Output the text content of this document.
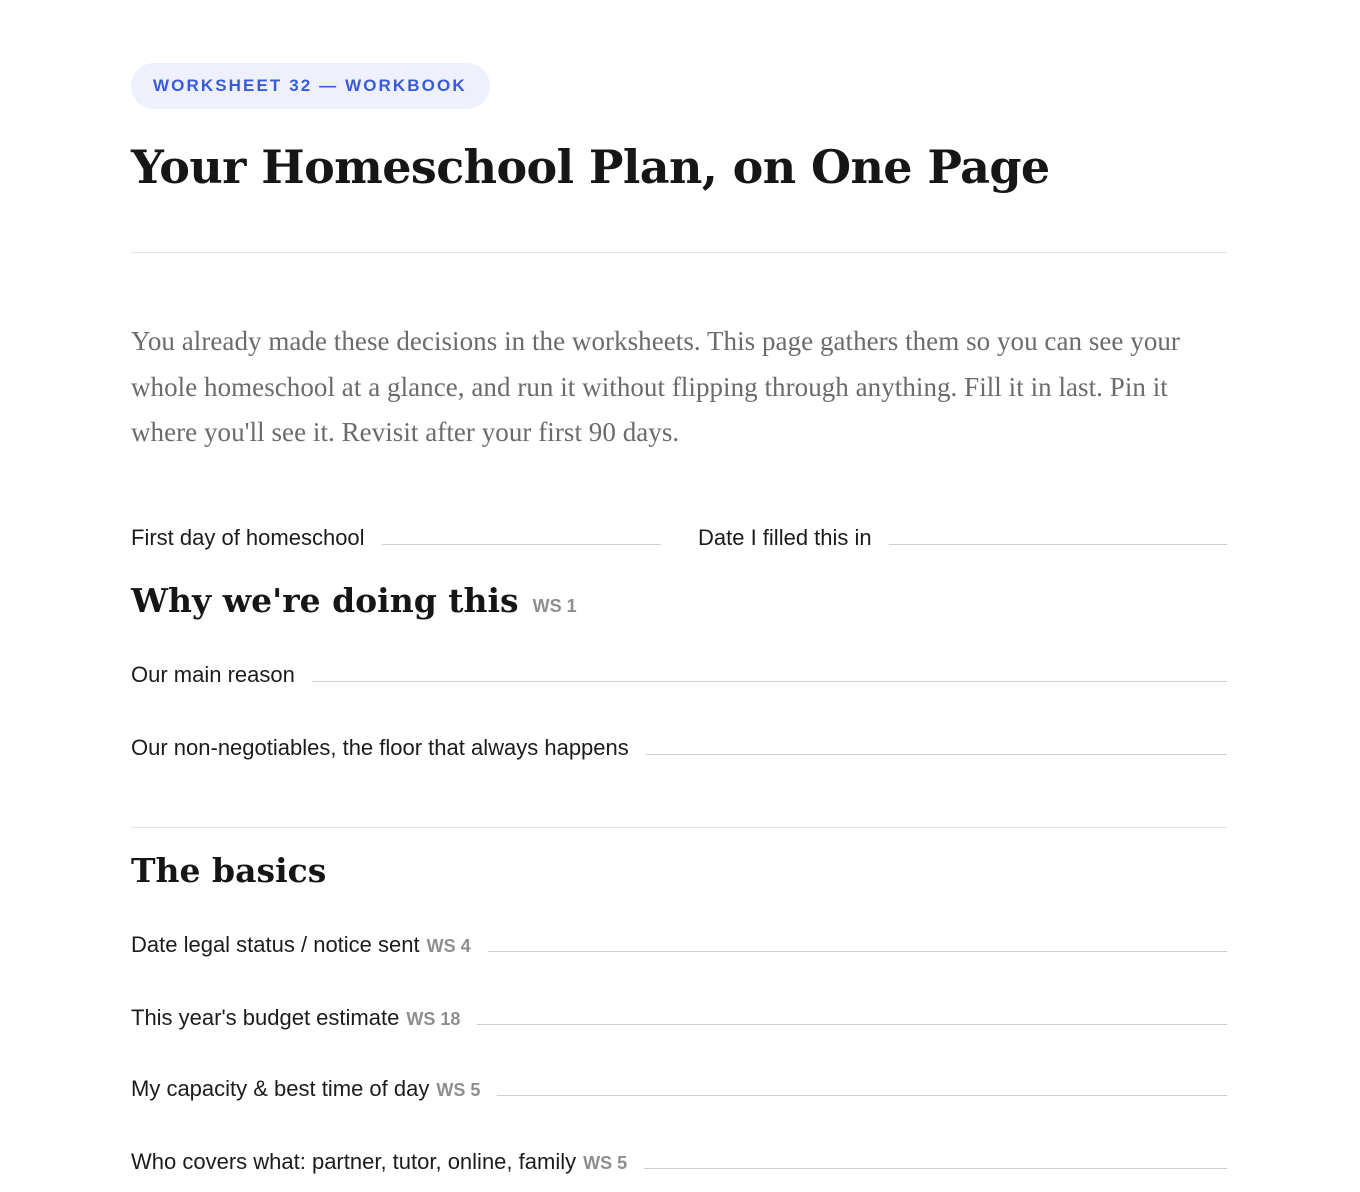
WORKSHEET 32 — WORKBOOK
Your Homeschool Plan, on One Page

You already made these decisions in the worksheets. This page gathers them so you can see your whole homeschool at a glance, and run it without flipping through anything. Fill it in last. Pin it where you'll see it. Revisit after your first 90 days.

First day of homeschool	Date I filled this in
Why we're doing this WS 1
Our main reason
Our non-negotiables, the floor that always happens
The basics
Date legal status / notice sent WS 4
This year's budget estimate WS 18
My capacity & best time of day WS 5
Who covers what: partner, tutor, online, family WS 5
